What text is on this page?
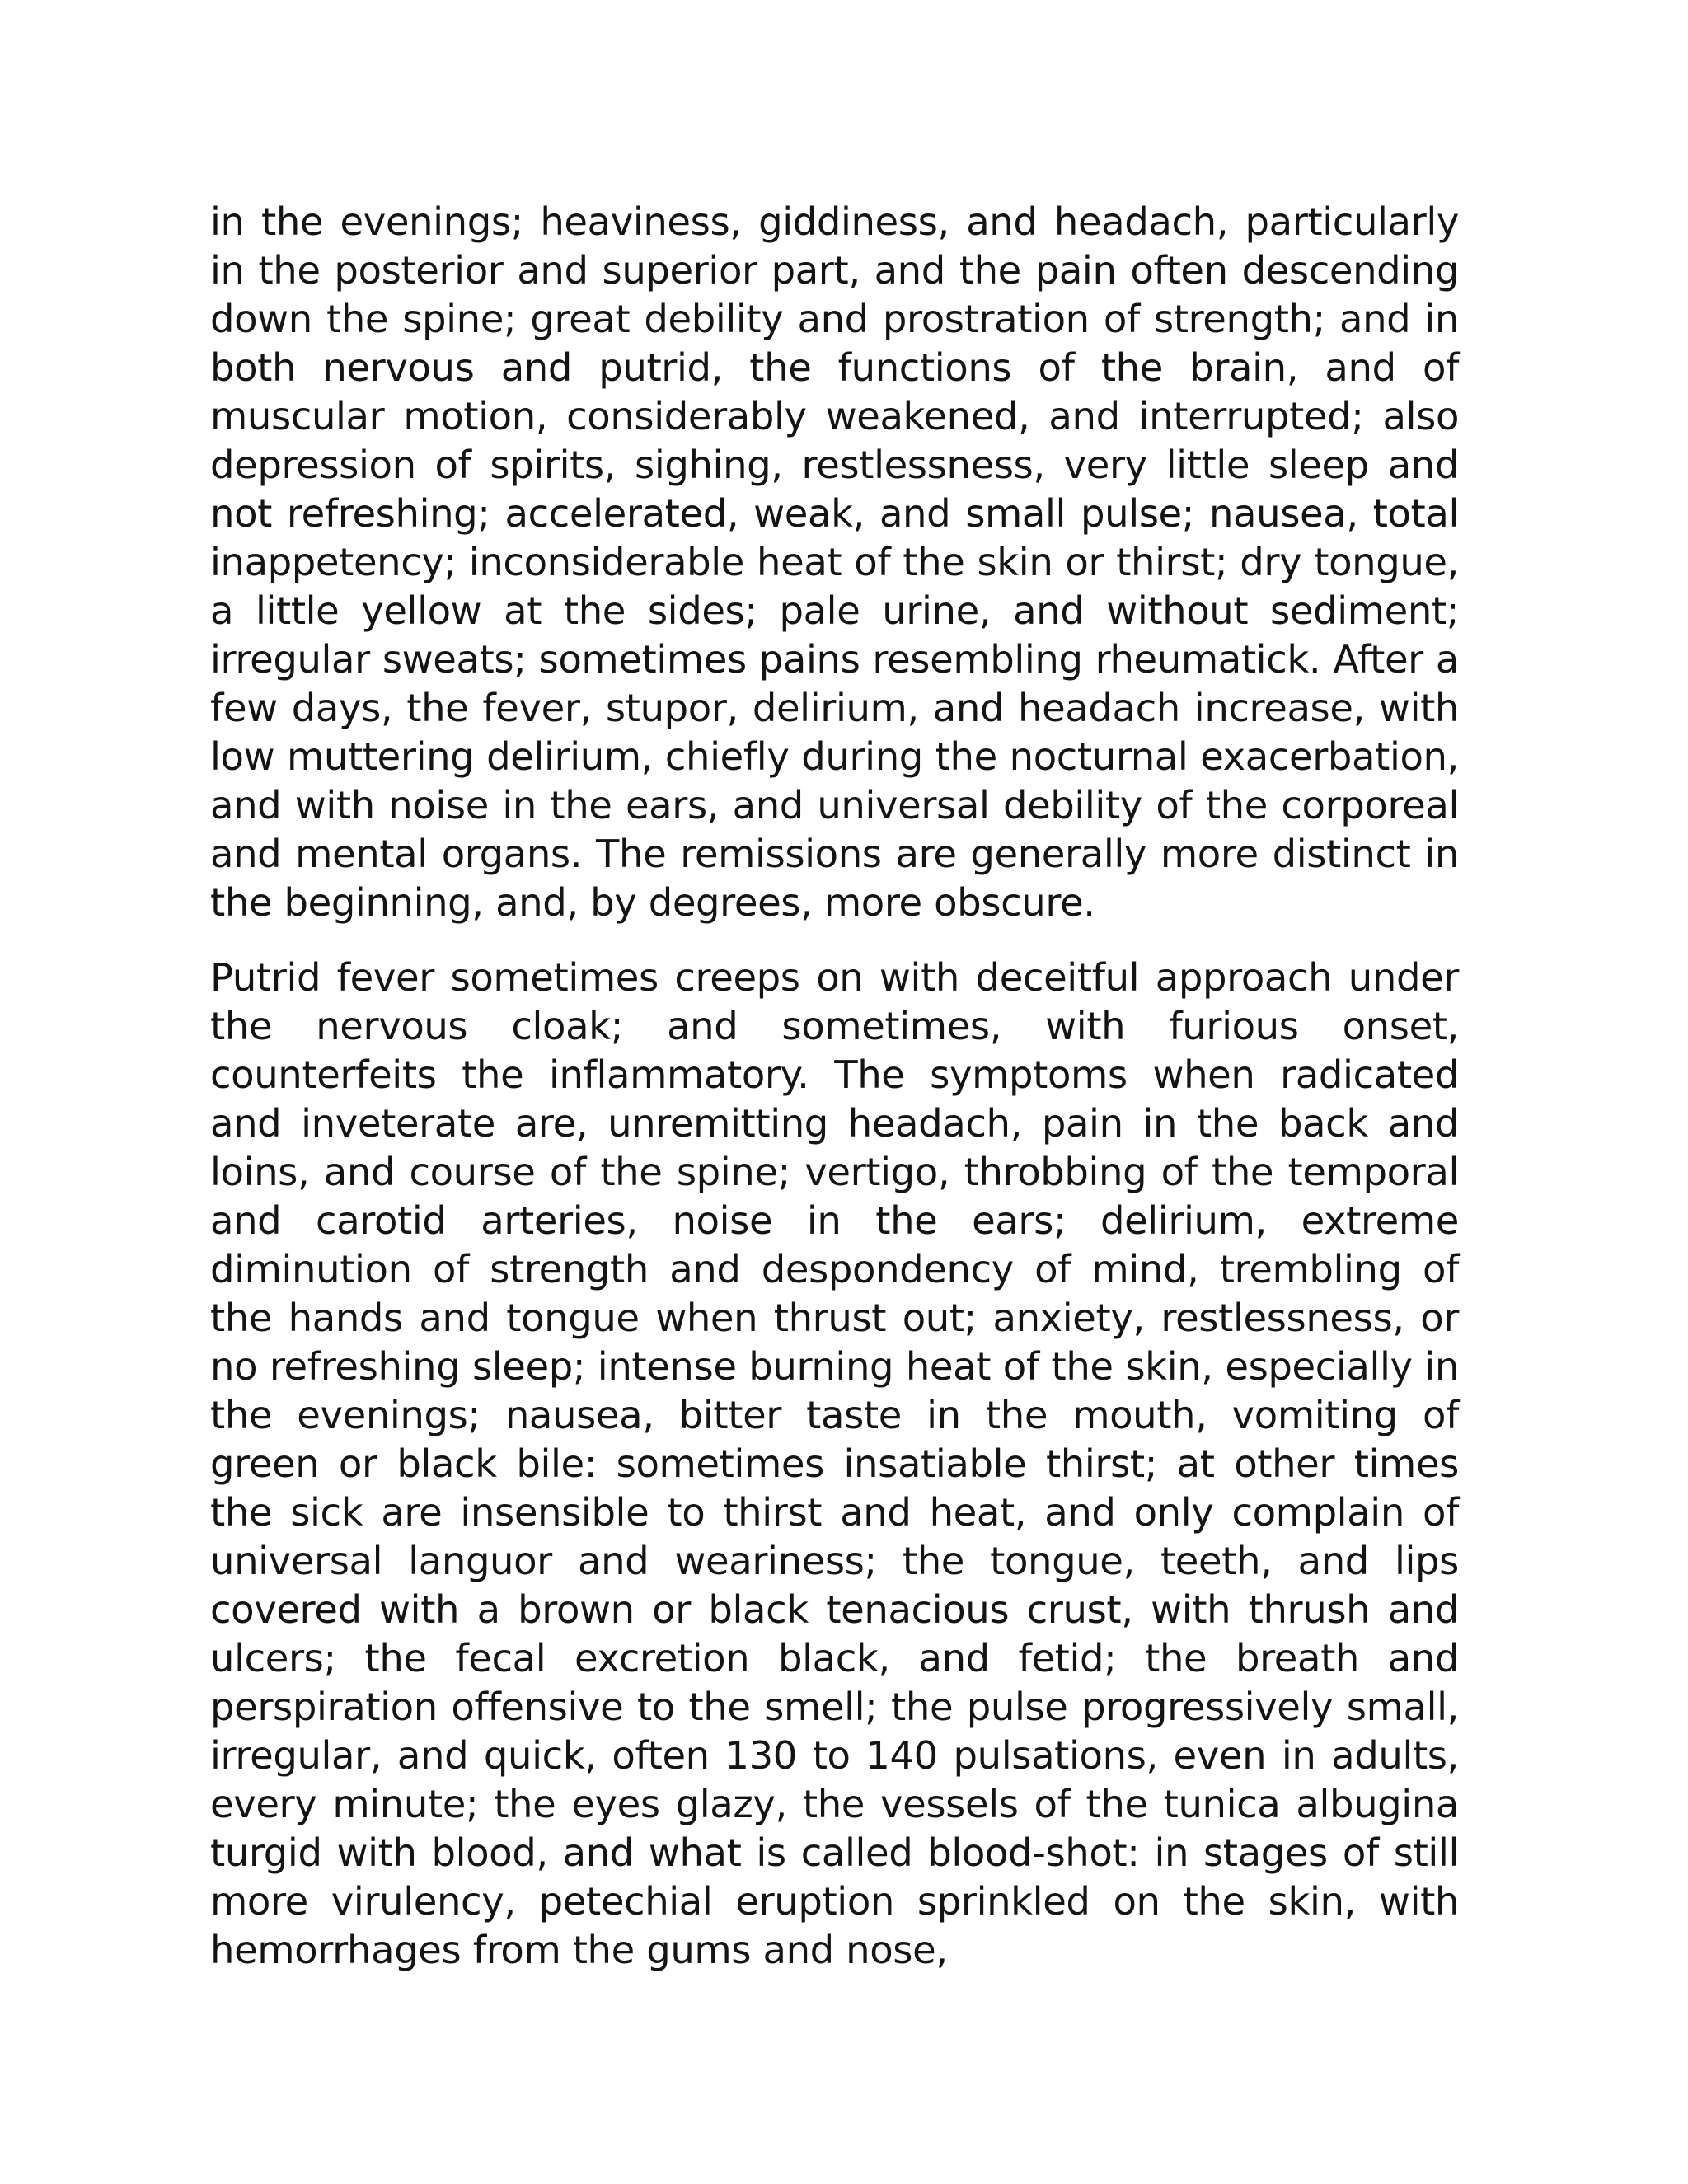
in the evenings; heaviness, giddiness, and headach, particularly in the posterior and superior part, and the pain often descending down the spine; great debility and prostration of strength; and in both nervous and putrid, the functions of the brain, and of muscular motion, considerably weakened, and interrupted; also depression of spirits, sighing, restlessness, very little sleep and not refreshing; accelerated, weak, and small pulse; nausea, total inappetency; inconsiderable heat of the skin or thirst; dry tongue, a little yellow at the sides; pale urine, and without sediment; irregular sweats; sometimes pains resembling rheumatick. After a few days, the fever, stupor, delirium, and headach increase, with low muttering delirium, chiefly during the nocturnal exacerbation, and with noise in the ears, and universal debility of the corporeal and mental organs. The remissions are generally more distinct in the beginning, and, by degrees, more obscure.

Putrid fever sometimes creeps on with deceitful approach under the nervous cloak; and sometimes, with furious onset, counterfeits the inflammatory. The symptoms when radicated and inveterate are, unremitting headach, pain in the back and loins, and course of the spine; vertigo, throbbing of the temporal and carotid arteries, noise in the ears; delirium, extreme diminution of strength and despondency of mind, trembling of the hands and tongue when thrust out; anxiety, restlessness, or no refreshing sleep; intense burning heat of the skin, especially in the evenings; nausea, bitter taste in the mouth, vomiting of green or black bile: sometimes insatiable thirst; at other times the sick are insensible to thirst and heat, and only complain of universal languor and weariness; the tongue, teeth, and lips covered with a brown or black tenacious crust, with thrush and ulcers; the fecal excretion black, and fetid; the breath and perspiration offensive to the smell; the pulse progressively small, irregular, and quick, often 130 to 140 pulsations, even in adults, every minute; the eyes glazy, the vessels of the tunica albugina turgid with blood, and what is called blood-shot: in stages of still more virulency, petechial eruption sprinkled on the skin, with hemorrhages from the gums and nose,
